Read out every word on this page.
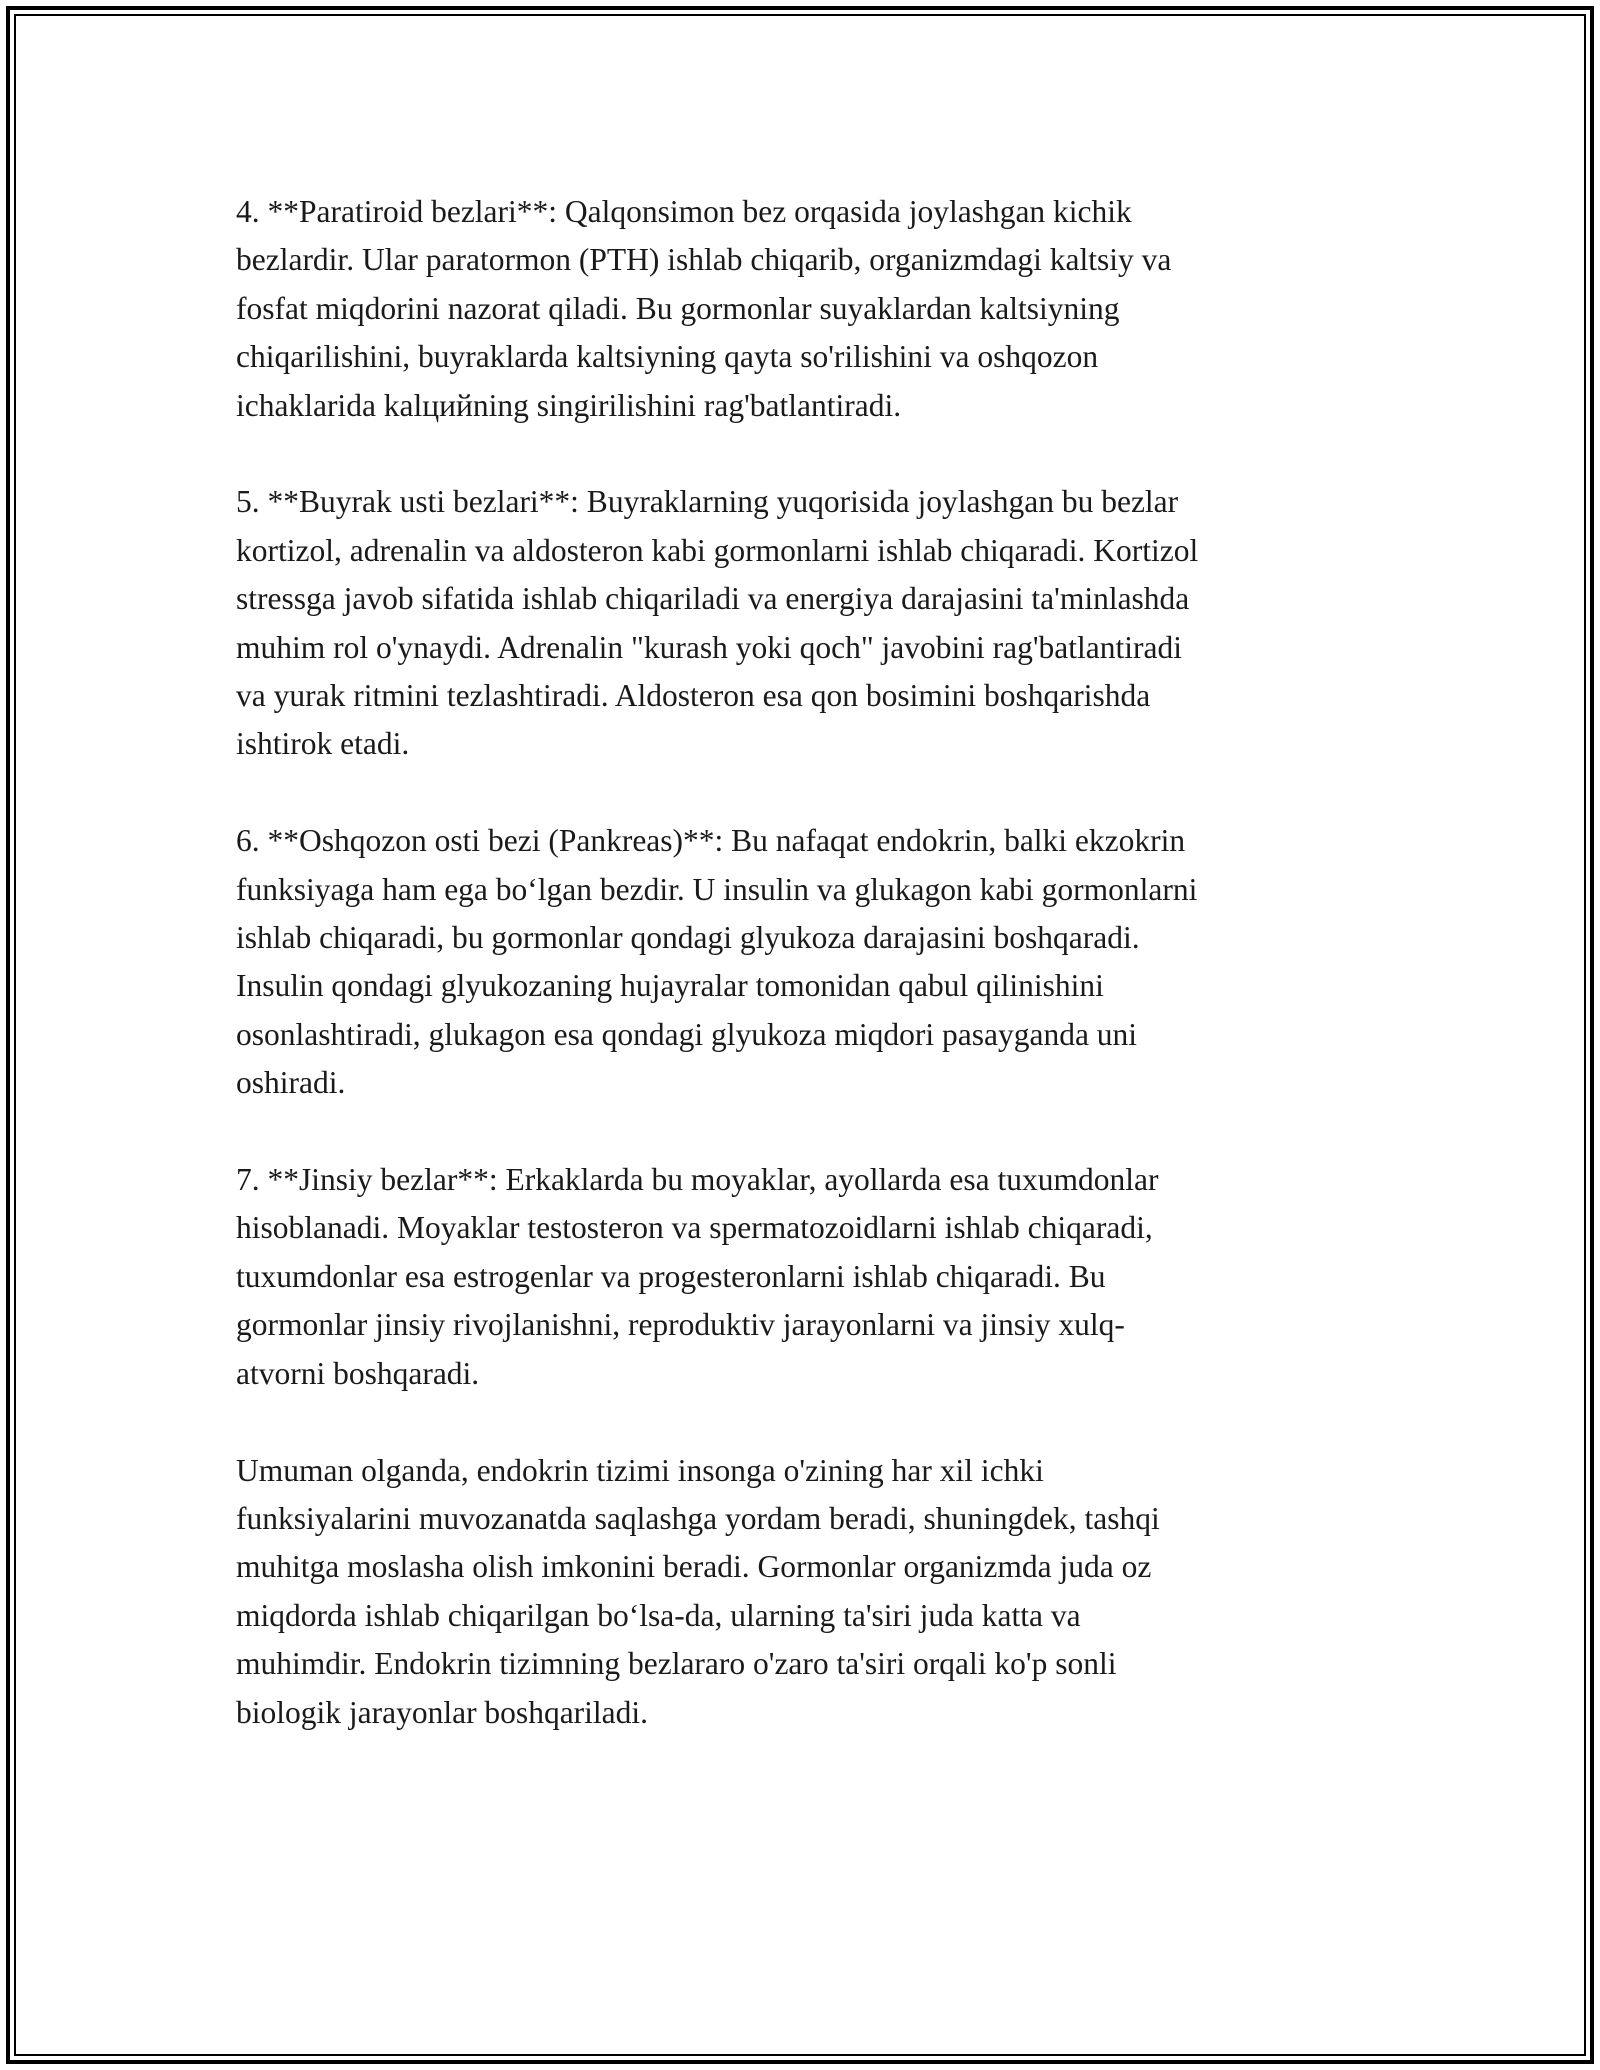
4. **Paratiroid bezlari**: Qalqonsimon bez orqasida joylashgan kichik
bezlardir. Ular paratormon (PTH) ishlab chiqarib, organizmdagi kaltsiy va
fosfat miqdorini nazorat qiladi. Bu gormonlar suyaklardan kaltsiyning
chiqarilishini, buyraklarda kaltsiyning qayta so'rilishini va oshqozon
ichaklarida kalцийning singirilishini rag'batlantiradi.

5. **Buyrak usti bezlari**: Buyraklarning yuqorisida joylashgan bu bezlar
kortizol, adrenalin va aldosteron kabi gormonlarni ishlab chiqaradi. Kortizol
stressga javob sifatida ishlab chiqariladi va energiya darajasini ta'minlashda
muhim rol o'ynaydi. Adrenalin "kurash yoki qoch" javobini rag'batlantiradi
va yurak ritmini tezlashtiradi. Aldosteron esa qon bosimini boshqarishda
ishtirok etadi.

6. **Oshqozon osti bezi (Pankreas)**: Bu nafaqat endokrin, balki ekzokrin
funksiyaga ham ega boʻlgan bezdir. U insulin va glukagon kabi gormonlarni
ishlab chiqaradi, bu gormonlar qondagi glyukoza darajasini boshqaradi.
Insulin qondagi glyukozaning hujayralar tomonidan qabul qilinishini
osonlashtiradi, glukagon esa qondagi glyukoza miqdori pasayganda uni
oshiradi.

7. **Jinsiy bezlar**: Erkaklarda bu moyaklar, ayollarda esa tuxumdonlar
hisoblanadi. Moyaklar testosteron va spermatozoidlarni ishlab chiqaradi,
tuxumdonlar esa estrogenlar va progesteronlarni ishlab chiqaradi. Bu
gormonlar jinsiy rivojlanishni, reproduktiv jarayonlarni va jinsiy xulq-
atvorni boshqaradi.

Umuman olganda, endokrin tizimi insonga o'zining har xil ichki
funksiyalarini muvozanatda saqlashga yordam beradi, shuningdek, tashqi
muhitga moslasha olish imkonini beradi. Gormonlar organizmda juda oz
miqdorda ishlab chiqarilgan boʻlsa-da, ularning ta'siri juda katta va
muhimdir. Endokrin tizimning bezlararo o'zaro ta'siri orqali ko'p sonli
biologik jarayonlar boshqariladi.
